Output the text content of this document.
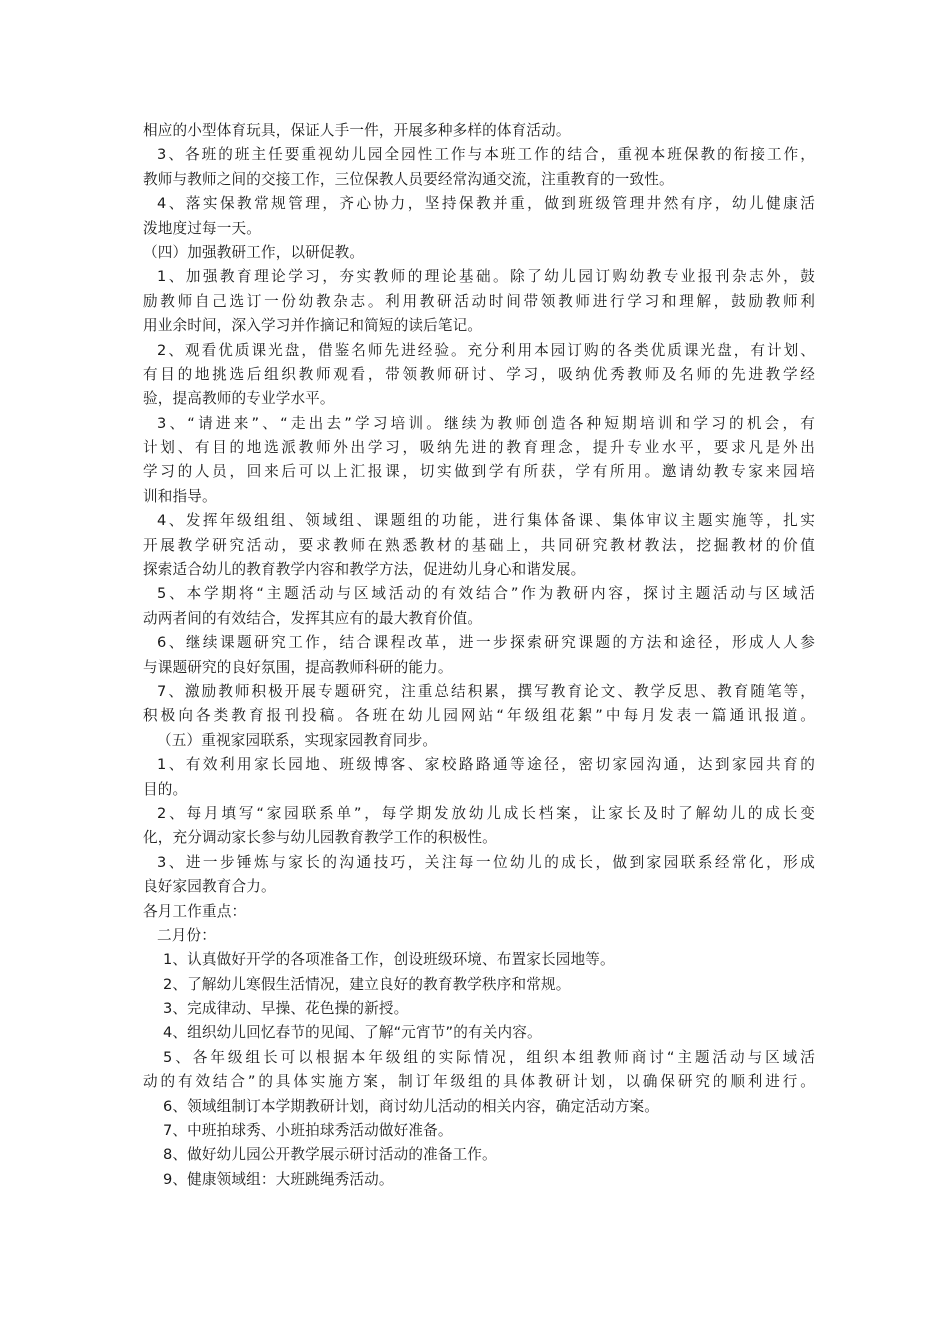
相应的小型体育玩具，保证人手一件，开展多种多样的体育活动。
3、各班的班主任要重视幼儿园全园性工作与本班工作的结合，重视本班保教的衔接工作，
教师与教师之间的交接工作，三位保教人员要经常沟通交流，注重教育的一致性。
4、落实保教常规管理，齐心协力，坚持保教并重，做到班级管理井然有序，幼儿健康活
泼地度过每一天。
（四）加强教研工作，以研促教。
1、加强教育理论学习，夯实教师的理论基础。除了幼儿园订购幼教专业报刊杂志外，鼓
励教师自己选订一份幼教杂志。利用教研活动时间带领教师进行学习和理解，鼓励教师利
用业余时间，深入学习并作摘记和简短的读后笔记。
2、观看优质课光盘，借鉴名师先进经验。充分利用本园订购的各类优质课光盘，有计划、
有目的地挑选后组织教师观看，带领教师研讨、学习，吸纳优秀教师及名师的先进教学经
验，提高教师的专业学水平。
3、“请进来”、“走出去”学习培训。继续为教师创造各种短期培训和学习的机会，有
计划、有目的地选派教师外出学习，吸纳先进的教育理念，提升专业水平，要求凡是外出
学习的人员，回来后可以上汇报课，切实做到学有所获，学有所用。邀请幼教专家来园培
训和指导。
4、发挥年级组组、领域组、课题组的功能，进行集体备课、集体审议主题实施等，扎实
开展教学研究活动，要求教师在熟悉教材的基础上，共同研究教材教法，挖掘教材的价值
探索适合幼儿的教育教学内容和教学方法，促进幼儿身心和谐发展。
5、本学期将“主题活动与区域活动的有效结合”作为教研内容，探讨主题活动与区域活
动两者间的有效结合，发挥其应有的最大教育价值。
6、继续课题研究工作，结合课程改革，进一步探索研究课题的方法和途径，形成人人参
与课题研究的良好氛围，提高教师科研的能力。
7、激励教师积极开展专题研究，注重总结积累，撰写教育论文、教学反思、教育随笔等，
积极向各类教育报刊投稿。各班在幼儿园网站“年级组花絮”中每月发表一篇通讯报道。
（五）重视家园联系，实现家园教育同步。
1、有效利用家长园地、班级博客、家校路路通等途径，密切家园沟通，达到家园共育的
目的。
2、每月填写“家园联系单”，每学期发放幼儿成长档案，让家长及时了解幼儿的成长变
化，充分调动家长参与幼儿园教育教学工作的积极性。
3、进一步锤炼与家长的沟通技巧，关注每一位幼儿的成长，做到家园联系经常化，形成
良好家园教育合力。
各月工作重点：
二月份：
1、认真做好开学的各项准备工作，创设班级环境、布置家长园地等。
2、了解幼儿寒假生活情况，建立良好的教育教学秩序和常规。
3、完成律动、早操、花色操的新授。
4、组织幼儿回忆春节的见闻、了解“元宵节”的有关内容。
5、各年级组长可以根据本年级组的实际情况，组织本组教师商讨“主题活动与区域活
动的有效结合”的具体实施方案，制订年级组的具体教研计划，以确保研究的顺利进行。
6、领域组制订本学期教研计划，商讨幼儿活动的相关内容，确定活动方案。
7、中班拍球秀、小班拍球秀活动做好准备。
8、做好幼儿园公开教学展示研讨活动的准备工作。
9、健康领域组：大班跳绳秀活动。
